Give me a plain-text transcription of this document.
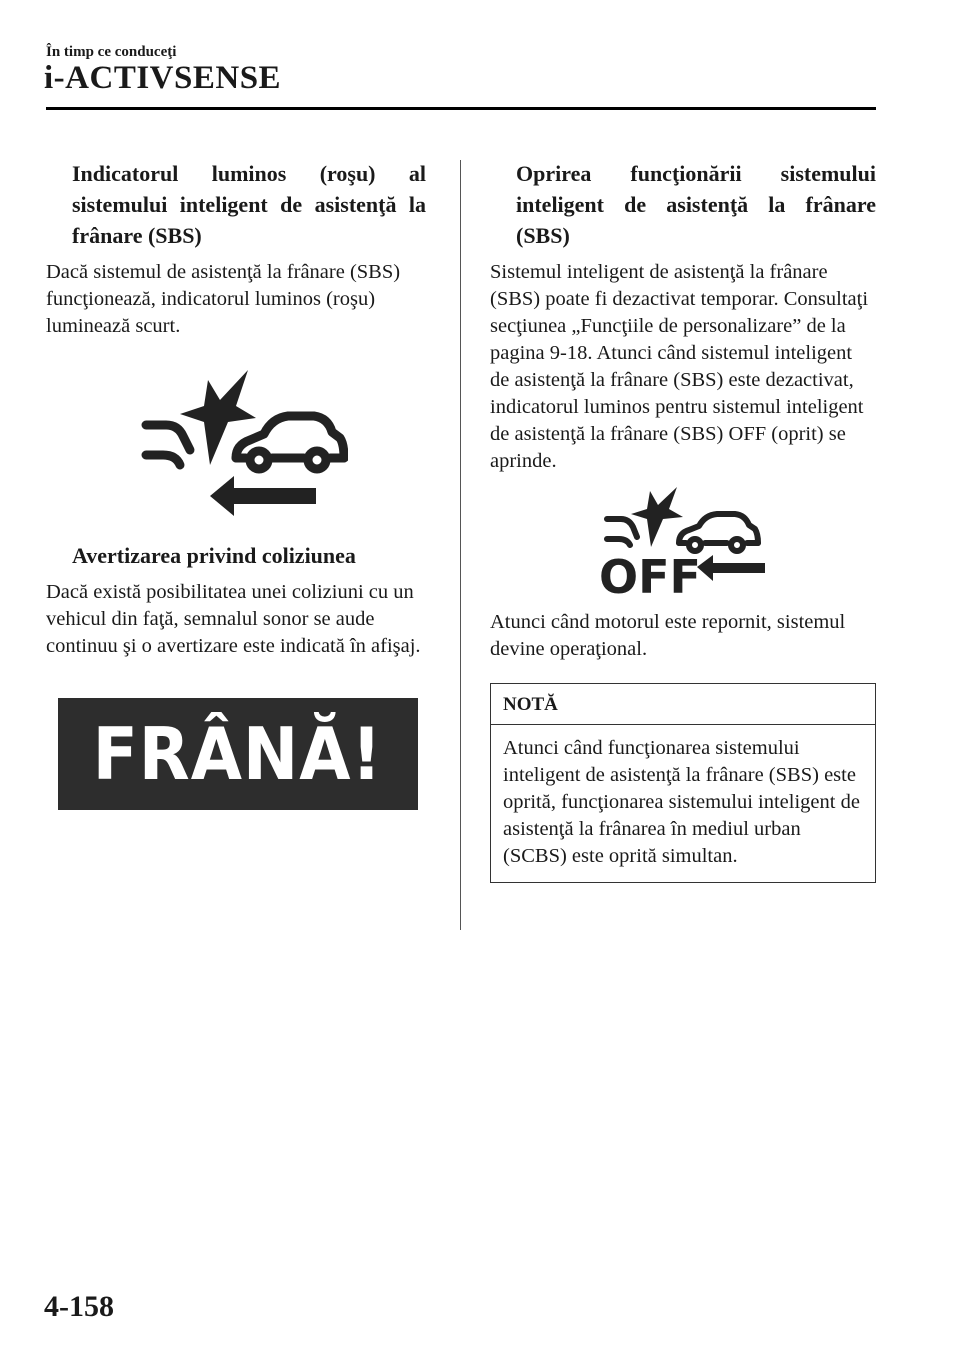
În timp ce conduceţi
i-ACTIVSENSE
Indicatorul luminos (roşu) al sistemului inteligent de asistenţă la frânare (SBS)

Dacă sistemul de asistenţă la frânare (SBS) funcţionează, indicatorul luminos (roşu) luminează scurt.

Avertizarea privind coliziunea

Dacă există posibilitatea unei coliziuni cu un vehicul din faţă, semnalul sonor se aude continuu şi o avertizare este indicată în afişaj.

FRÂNĂ!
Oprirea funcţionării sistemului inteligent de asistenţă la frânare (SBS)

Sistemul inteligent de asistenţă la frânare (SBS) poate fi dezactivat temporar. Consultaţi secţiunea „Funcţiile de personalizare” de la pagina 9-18. Atunci când sistemul inteligent de asistenţă la frânare (SBS) este dezactivat, indicatorul luminos pentru sistemul inteligent de asistenţă la frânare (SBS) OFF (oprit) se aprinde.

OFF

Atunci când motorul este repornit, sistemul devine operaţional.

NOTĂ
Atunci când funcţionarea sistemului inteligent de asistenţă la frânare (SBS) este oprită, funcţionarea sistemului inteligent de asistenţă la frânarea în mediul urban (SCBS) este oprită simultan.
4-158
